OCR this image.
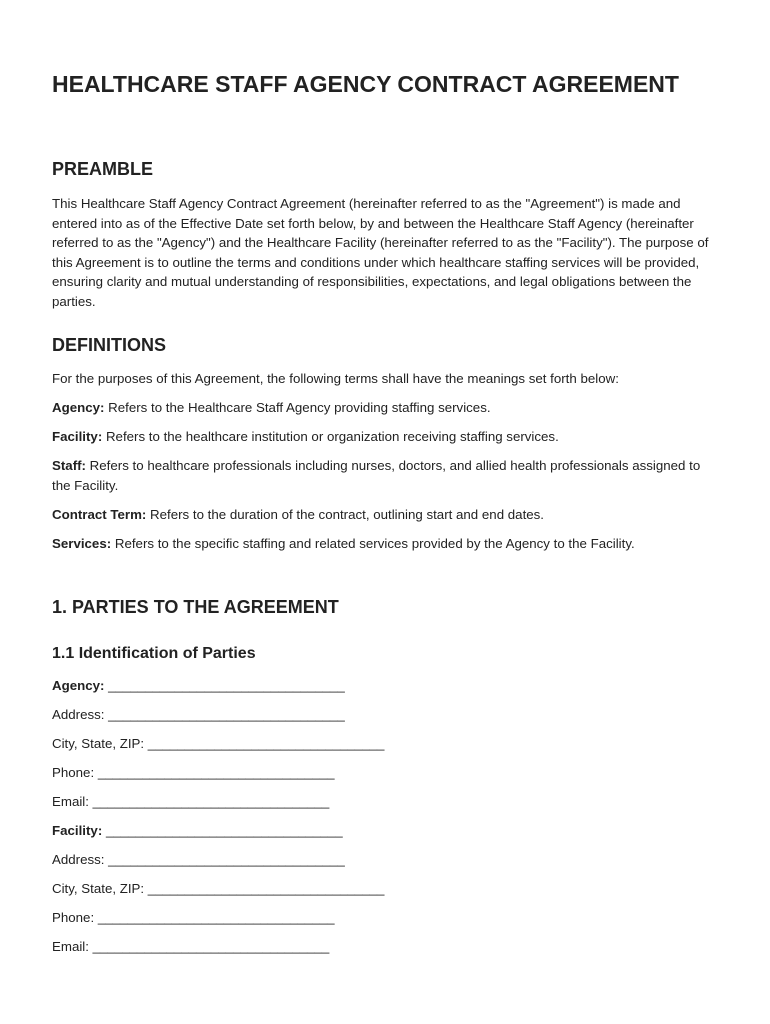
HEALTHCARE STAFF AGENCY CONTRACT AGREEMENT
PREAMBLE

This Healthcare Staff Agency Contract Agreement (hereinafter referred to as the "Agreement") is made and entered into as of the Effective Date set forth below, by and between the Healthcare Staff Agency (hereinafter referred to as the "Agency") and the Healthcare Facility (hereinafter referred to as the "Facility"). The purpose of this Agreement is to outline the terms and conditions under which healthcare staffing services will be provided, ensuring clarity and mutual understanding of responsibilities, expectations, and legal obligations between the parties.

DEFINITIONS

For the purposes of this Agreement, the following terms shall have the meanings set forth below:

Agency: Refers to the Healthcare Staff Agency providing staffing services.

Facility: Refers to the healthcare institution or organization receiving staffing services.

Staff: Refers to healthcare professionals including nurses, doctors, and allied health professionals assigned to the Facility.

Contract Term: Refers to the duration of the contract, outlining start and end dates.

Services: Refers to the specific staffing and related services provided by the Agency to the Facility.

1. PARTIES TO THE AGREEMENT
1.1 Identification of Parties

Agency: ________________________________

Address: ________________________________

City, State, ZIP: ________________________________

Phone: ________________________________

Email: ________________________________

Facility: ________________________________

Address: ________________________________

City, State, ZIP: ________________________________

Phone: ________________________________

Email: ________________________________
